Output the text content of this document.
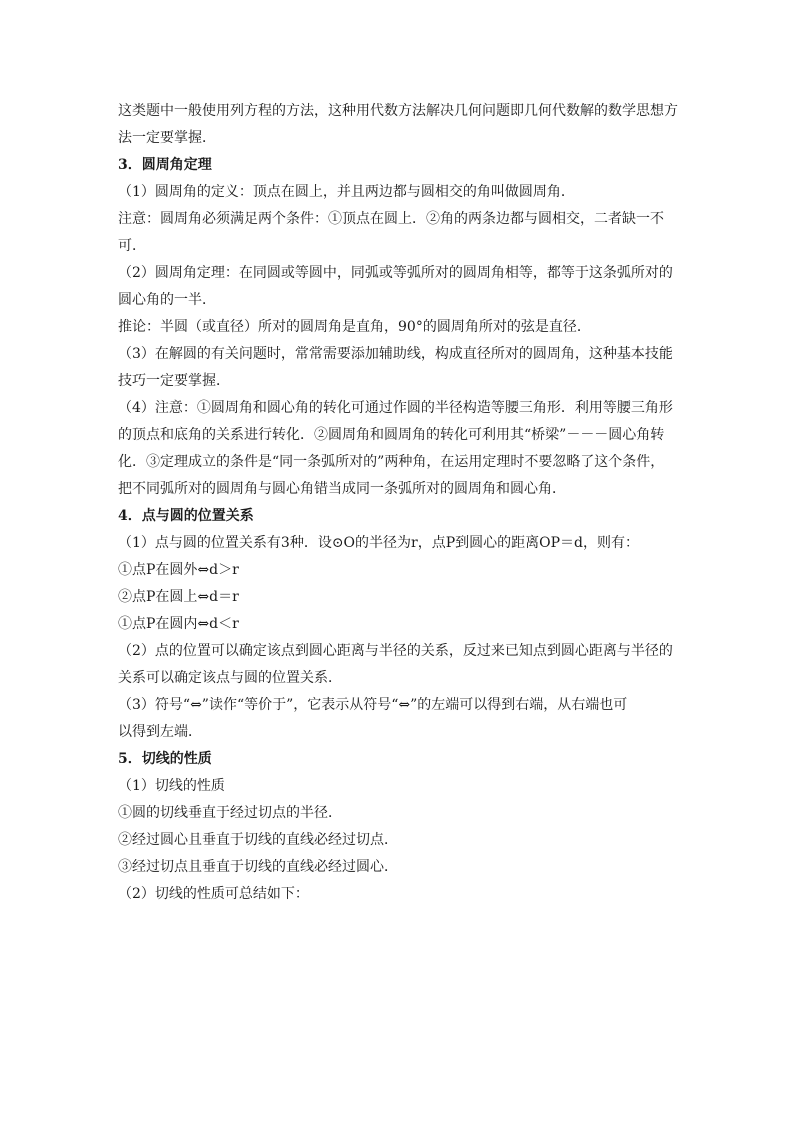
这类题中一般使用列方程的方法，这种用代数方法解决几何问题即几何代数解的数学思想方
法一定要掌握．
3．圆周角定理
（1）圆周角的定义：顶点在圆上，并且两边都与圆相交的角叫做圆周角．
注意：圆周角必须满足两个条件：①顶点在圆上．②角的两条边都与圆相交，二者缺一不
可．
（2）圆周角定理：在同圆或等圆中，同弧或等弧所对的圆周角相等，都等于这条弧所对的
圆心角的一半．
推论：半圆（或直径）所对的圆周角是直角，90°的圆周角所对的弦是直径．
（3）在解圆的有关问题时，常常需要添加辅助线，构成直径所对的圆周角，这种基本技能
技巧一定要掌握．
（4）注意：①圆周角和圆心角的转化可通过作圆的半径构造等腰三角形．利用等腰三角形
的顶点和底角的关系进行转化．②圆周角和圆周角的转化可利用其“桥梁”－－－圆心角转
化．③定理成立的条件是“同一条弧所对的”两种角，在运用定理时不要忽略了这个条件，
把不同弧所对的圆周角与圆心角错当成同一条弧所对的圆周角和圆心角．
4．点与圆的位置关系
（1）点与圆的位置关系有3种．设⊙O的半径为r，点P到圆心的距离OP＝d，则有：
①点P在圆外⇔d＞r
②点P在圆上⇔d＝r
①点P在圆内⇔d＜r
（2）点的位置可以确定该点到圆心距离与半径的关系，反过来已知点到圆心距离与半径的
关系可以确定该点与圆的位置关系．
（3）符号“⇔”读作“等价于”，它表示从符号“⇔”的左端可以得到右端，从右端也可
以得到左端．
5．切线的性质
（1）切线的性质
①圆的切线垂直于经过切点的半径．
②经过圆心且垂直于切线的直线必经过切点．
③经过切点且垂直于切线的直线必经过圆心．
（2）切线的性质可总结如下：
